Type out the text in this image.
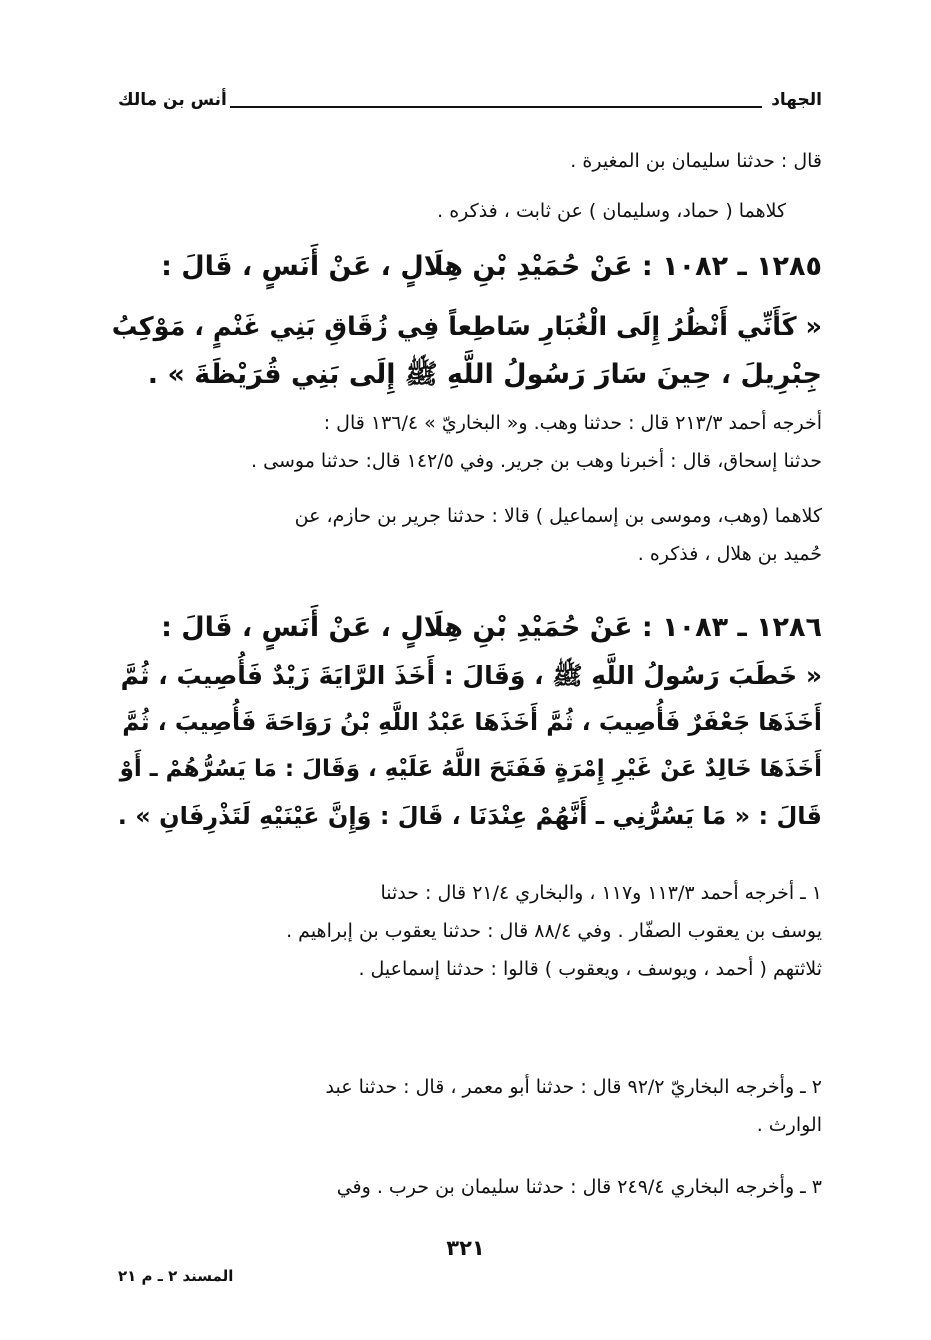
الجهاد
أنس بن مالك
قال : حدثنا سليمان بن المغيرة .
كلاهما ( حماد، وسليمان ) عن ثابت ، فذكره .
١٢٨٥ ـ ١٠٨٢ : عَنْ حُمَيْدِ بْنِ هِلَالٍ ، عَنْ أَنَسٍ ، قَالَ :
« كَأَنِّي أَنْظُرُ إِلَى الْغُبَارِ سَاطِعاً فِي زُقَاقِ بَنِي غَنْمٍ ، مَوْكِبُ
جِبْرِيلَ ، حِينَ سَارَ رَسُولُ اللَّهِ ﷺ إِلَى بَنِي قُرَيْظَةَ » .
أخرجه أحمد ٢١٣/٣ قال : حدثنا وهب. و« البخاريّ » ١٣٦/٤ قال :
حدثنا إسحاق، قال : أخبرنا وهب بن جرير. وفي ١٤٢/٥ قال: حدثنا موسى .
كلاهما (وهب، وموسى بن إسماعيل ) قالا : حدثنا جرير بن حازم، عن
حُميد بن هلال ، فذكره .
١٢٨٦ ـ ١٠٨٣ : عَنْ حُمَيْدِ بْنِ هِلَالٍ ، عَنْ أَنَسٍ ، قَالَ :
« خَطَبَ رَسُولُ اللَّهِ ﷺ ، وَقَالَ : أَخَذَ الرَّايَةَ زَيْدٌ فَأُصِيبَ ، ثُمَّ
أَخَذَهَا جَعْفَرٌ فَأُصِيبَ ، ثُمَّ أَخَذَهَا عَبْدُ اللَّهِ بْنُ رَوَاحَةَ فَأُصِيبَ ، ثُمَّ
أَخَذَهَا خَالِدٌ عَنْ غَيْرِ إِمْرَةٍ فَفَتَحَ اللَّهُ عَلَيْهِ ، وَقَالَ : مَا يَسُرُّهُمْ ـ أَوْ
قَالَ : « مَا يَسُرُّنِي ـ أَنَّهُمْ عِنْدَنَا ، قَالَ : وَإِنَّ عَيْنَيْهِ لَتَذْرِفَانِ » .
١ ـ أخرجه أحمد ١١٣/٣ و١١٧ ، والبخاري ٢١/٤ قال : حدثنا
يوسف بن يعقوب الصفّار . وفي ٨٨/٤ قال : حدثنا يعقوب بن إبراهيم .
ثلاثتهم ( أحمد ، ويوسف ، ويعقوب ) قالوا : حدثنا إسماعيل .
٢ ـ وأخرجه البخاريّ ٩٢/٢ قال : حدثنا أبو معمر ، قال : حدثنا عبد
الوارث .
٣ ـ وأخرجه البخاري ٢٤٩/٤ قال : حدثنا سليمان بن حرب . وفي
٣٢١
المسند ٢ ـ م ٢١
